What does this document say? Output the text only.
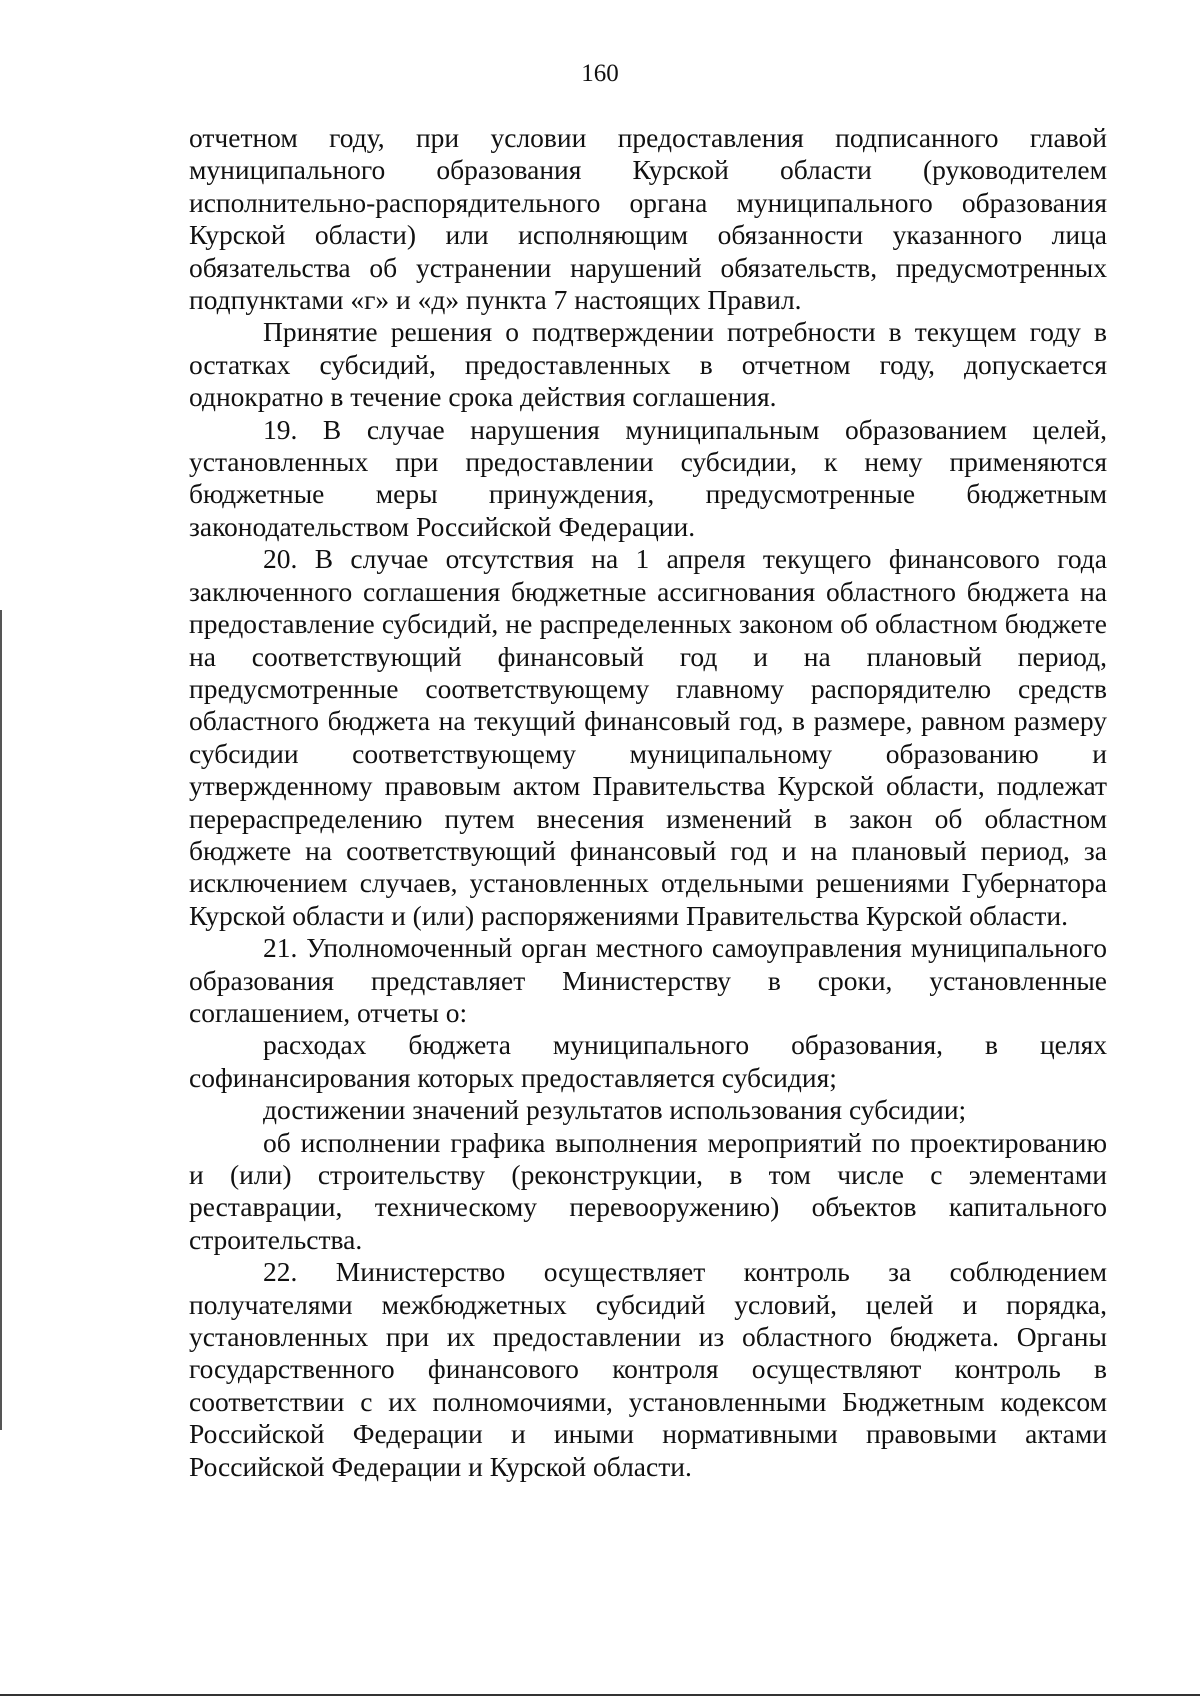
160

отчетном году, при условии предоставления подписанного главой муниципального образования Курской области (руководителем исполнительно-распорядительного органа муниципального образования Курской области) или исполняющим обязанности указанного лица обязательства об устранении нарушений обязательств, предусмотренных подпунктами «г» и «д» пункта 7 настоящих Правил.

Принятие решения о подтверждении потребности в текущем году в остатках субсидий, предоставленных в отчетном году, допускается однократно в течение срока действия соглашения.

19. В случае нарушения муниципальным образованием целей, установленных при предоставлении субсидии, к нему применяются бюджетные меры принуждения, предусмотренные бюджетным законодательством Российской Федерации.

20. В случае отсутствия на 1 апреля текущего финансового года заключенного соглашения бюджетные ассигнования областного бюджета на предоставление субсидий, не распределенных законом об областном бюджете на соответствующий финансовый год и на плановый период, предусмотренные соответствующему главному распорядителю средств областного бюджета на текущий финансовый год, в размере, равном размеру субсидии соответствующему муниципальному образованию и утвержденному правовым актом Правительства Курской области, подлежат перераспределению путем внесения изменений в закон об областном бюджете на соответствующий финансовый год и на плановый период, за исключением случаев, установленных отдельными решениями Губернатора Курской области и (или) распоряжениями Правительства Курской области.

21. Уполномоченный орган местного самоуправления муниципального образования представляет Министерству в сроки, установленные соглашением, отчеты о:

расходах бюджета муниципального образования, в целях софинансирования которых предоставляется субсидия;

достижении значений результатов использования субсидии;

об исполнении графика выполнения мероприятий по проектированию и (или) строительству (реконструкции, в том числе с элементами реставрации, техническому перевооружению) объектов капитального строительства.

22. Министерство осуществляет контроль за соблюдением получателями межбюджетных субсидий условий, целей и порядка, установленных при их предоставлении из областного бюджета. Органы государственного финансового контроля осуществляют контроль в соответствии с их полномочиями, установленными Бюджетным кодексом Российской Федерации и иными нормативными правовыми актами Российской Федерации и Курской области.
